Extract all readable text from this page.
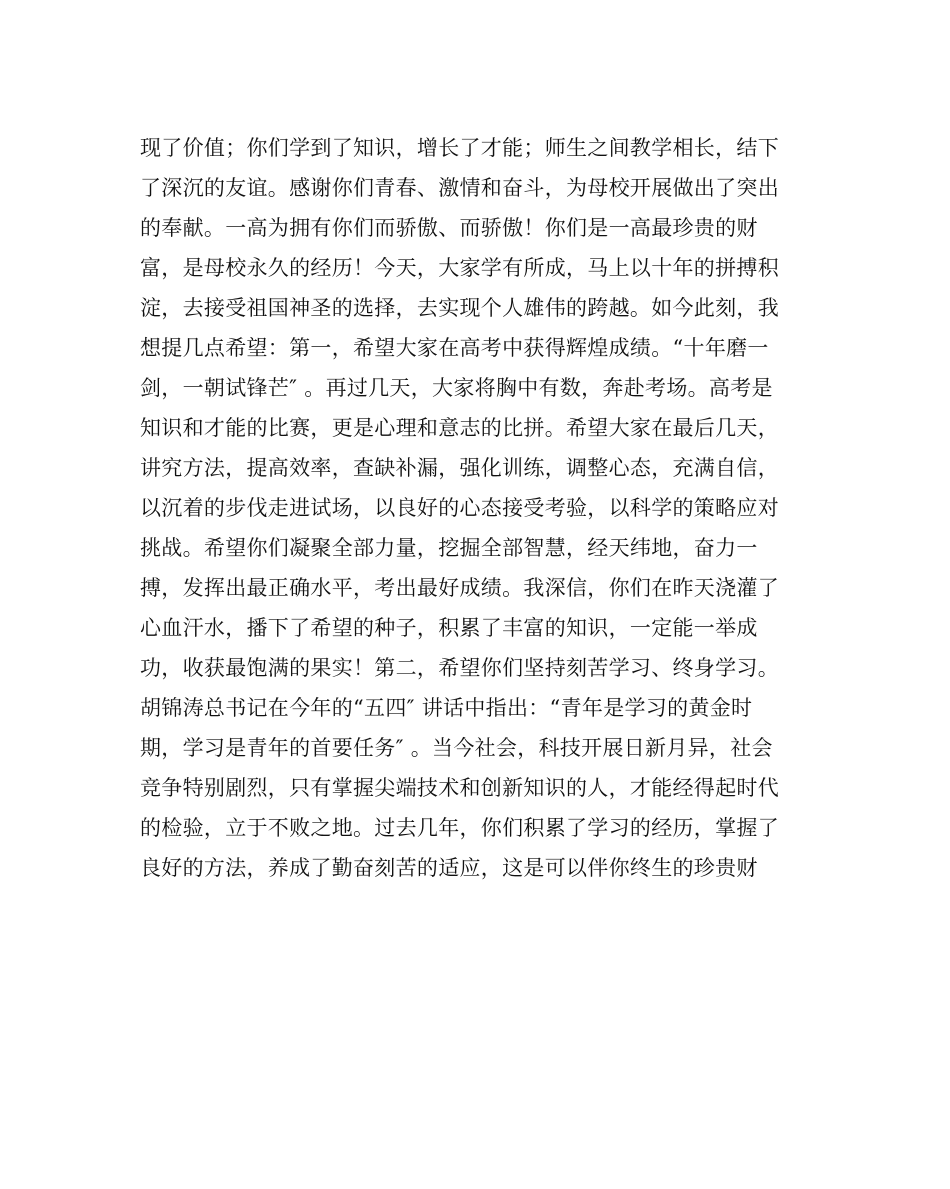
现了价值；你们学到了知识，增长了才能；师生之间教学相长，结下
了深沉的友谊。感谢你们青春、激情和奋斗，为母校开展做出了突出
的奉献。一高为拥有你们而骄傲、而骄傲！你们是一高最珍贵的财
富，是母校永久的经历！今天，大家学有所成，马上以十年的拼搏积
淀，去接受祖国神圣的选择，去实现个人雄伟的跨越。如今此刻，我
想提几点希望：第一，希望大家在高考中获得辉煌成绩。“十年磨一
剑，一朝试锋芒″ 。再过几天，大家将胸中有数，奔赴考场。高考是
知识和才能的比赛，更是心理和意志的比拼。希望大家在最后几天，
讲究方法，提高效率，查缺补漏，强化训练，调整心态，充满自信，
以沉着的步伐走进试场，以良好的心态接受考验，以科学的策略应对
挑战。希望你们凝聚全部力量，挖掘全部智慧，经天纬地，奋力一
搏，发挥出最正确水平，考出最好成绩。我深信，你们在昨天浇灌了
心血汗水，播下了希望的种子，积累了丰富的知识，一定能一举成
功，收获最饱满的果实！第二，希望你们坚持刻苦学习、终身学习。
胡锦涛总书记在今年的“五四″ 讲话中指出：“青年是学习的黄金时
期，学习是青年的首要任务″ 。当今社会，科技开展日新月异，社会
竞争特别剧烈，只有掌握尖端技术和创新知识的人，才能经得起时代
的检验，立于不败之地。过去几年，你们积累了学习的经历，掌握了
良好的方法，养成了勤奋刻苦的适应，这是可以伴你终生的珍贵财
